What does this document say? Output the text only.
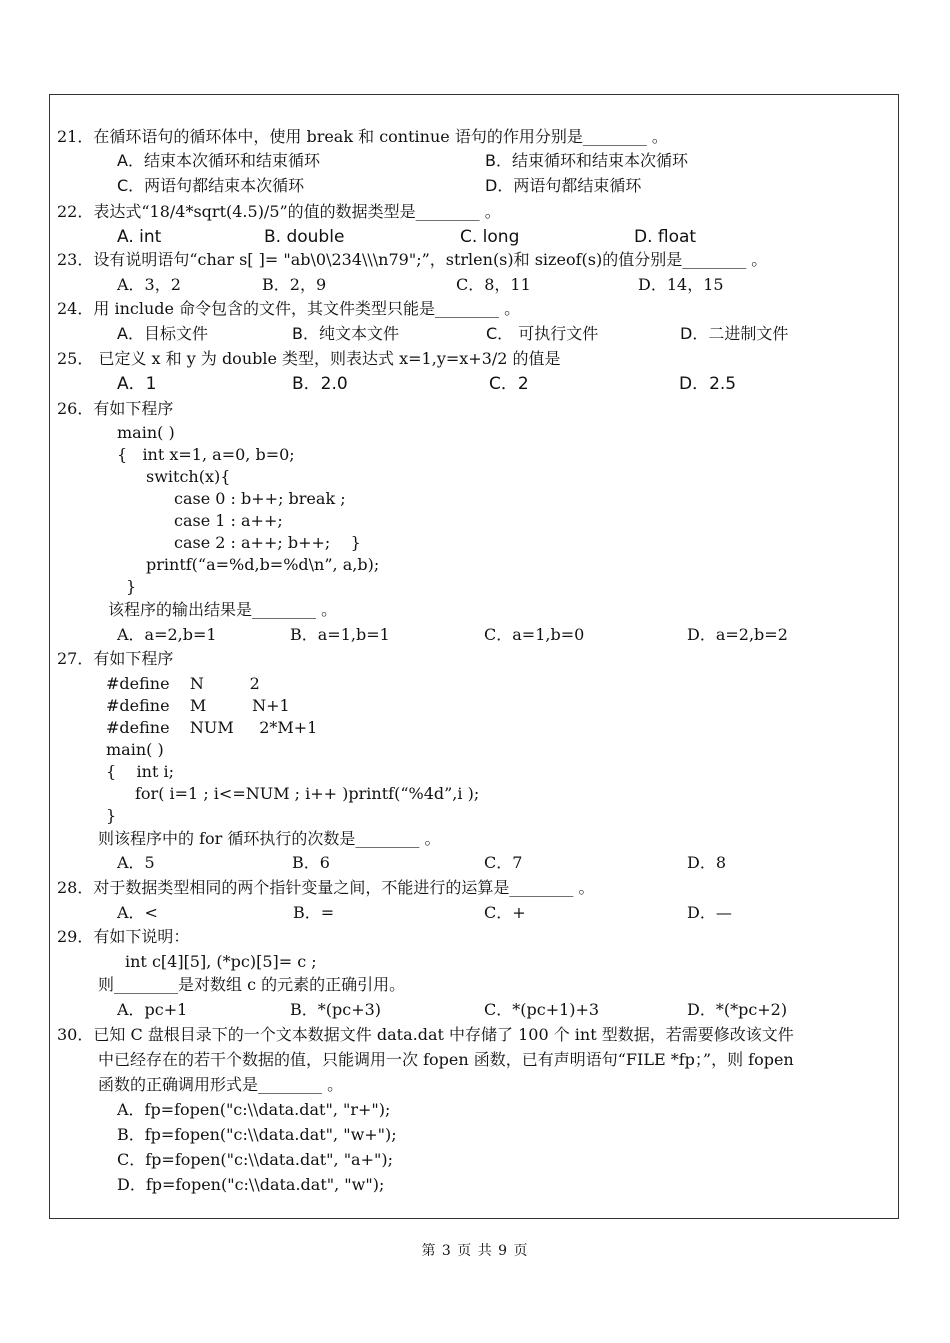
21．在循环语句的循环体中，使用 break 和 continue 语句的作用分别是________ 。
A．结束本次循环和结束循环	B．结束循环和结束本次循环
C．两语句都结束本次循环	D．两语句都结束循环
22．表达式“18/4*sqrt(4.5)/5”的值的数据类型是________ 。
A. int	B. double	C. long	D. float
23．设有说明语句“char s[ ]= "ab\0\234\\\n79";”，strlen(s)和 sizeof(s)的值分别是________ 。
A．3，2	B．2，9	C．8，11	D．14，15
24．用 include 命令包含的文件，其文件类型只能是________ 。
A．目标文件	B．纯文本文件	C． 可执行文件	D．二进制文件
25． 已定义 x 和 y 为 double 类型，则表达式 x=1,y=x+3/2 的值是
A．1	B．2.0	C．2	D．2.5
26．有如下程序
main( )
{   int x=1, a=0, b=0;
switch(x){
case 0 : b++; break ;
case 1 : a++;
case 2 : a++; b++;    }
printf(“a=%d,b=%d\n”, a,b);
}
该程序的输出结果是________ 。
A．a=2,b=1	B．a=1,b=1	C．a=1,b=0	D．a=2,b=2
27．有如下程序
#define    N         2
#define    M         N+1
#define    NUM     2*M+1
main( )
{    int i;
for( i=1 ; i<=NUM ; i++ )printf(“%4d”,i );
}
则该程序中的 for 循环执行的次数是________ 。
A．5	B．6	C．7	D．8
28．对于数据类型相同的两个指针变量之间，不能进行的运算是________ 。
A．<	B．=	C．+	D．—
29．有如下说明：
int c[4][5], (*pc)[5]= c ;
则________是对数组 c 的元素的正确引用。
A．pc+1	B．*(pc+3)	C．*(pc+1)+3	D．*(*pc+2)
30．已知 C 盘根目录下的一个文本数据文件 data.dat 中存储了 100 个 int 型数据，若需要修改该文件
中已经存在的若干个数据的值，只能调用一次 fopen 函数，已有声明语句“FILE *fp；”，则 fopen
函数的正确调用形式是________ 。
A．fp=fopen("c:\\data.dat", "r+");
B．fp=fopen("c:\\data.dat", "w+");
C．fp=fopen("c:\\data.dat", "a+");
D．fp=fopen("c:\\data.dat", "w");
第 3 页 共 9 页
